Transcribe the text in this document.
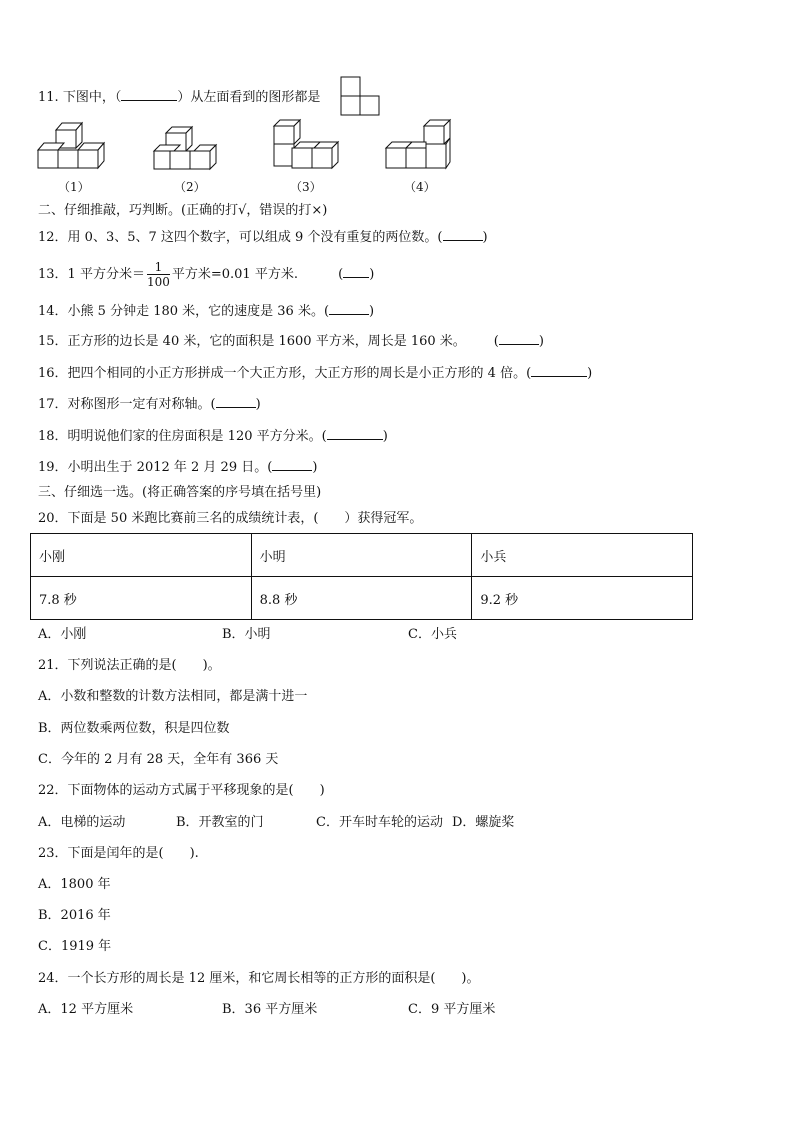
11. 下图中，（	）从左面看到的图形都是
（1）	（2）	（3）	（4）
二、仔细推敲，巧判断。(正确的打√，错误的打×)
12．用 0、3、5、7 这四个数字，可以组成 9 个没有重复的两位数。(	)
13．1 平方分米＝ $\frac{1}{100}$ 平方米=0.01 平方米.	( )
14．小熊 5 分钟走 180 米，它的速度是 36 米。(	)
15．正方形的边长是 40 米，它的面积是 1600 平方米，周长是 160 米。 (	)
16．把四个相同的小正方形拼成一个大正方形，大正方形的周长是小正方形的 4 倍。(	)
17．对称图形一定有对称轴。(	)
18．明明说他们家的住房面积是 120 平方分米。(	)
19．小明出生于 2012 年 2 月 29 日。(	)
三、仔细选一选。(将正确答案的序号填在括号里)
20．下面是 50 米跑比赛前三名的成绩统计表，(　　）获得冠军。
小刚	小明	小兵
7.8 秒	8.8 秒	9.2 秒
A．小刚	B．小明	C．小兵
21．下列说法正确的是(　　)。
A．小数和整数的计数方法相同，都是满十进一
B．两位数乘两位数，积是四位数
C．今年的 2 月有 28 天，全年有 366 天
22．下面物体的运动方式属于平移现象的是(　　)
A．电梯的运动	B．开教室的门	C．开车时车轮的运动 D．螺旋桨
23．下面是闰年的是(　　).
A．1800 年
B．2016 年
C．1919 年
24．一个长方形的周长是 12 厘米，和它周长相等的正方形的面积是(　　)。
A．12 平方厘米	B．36 平方厘米	C．9 平方厘米
